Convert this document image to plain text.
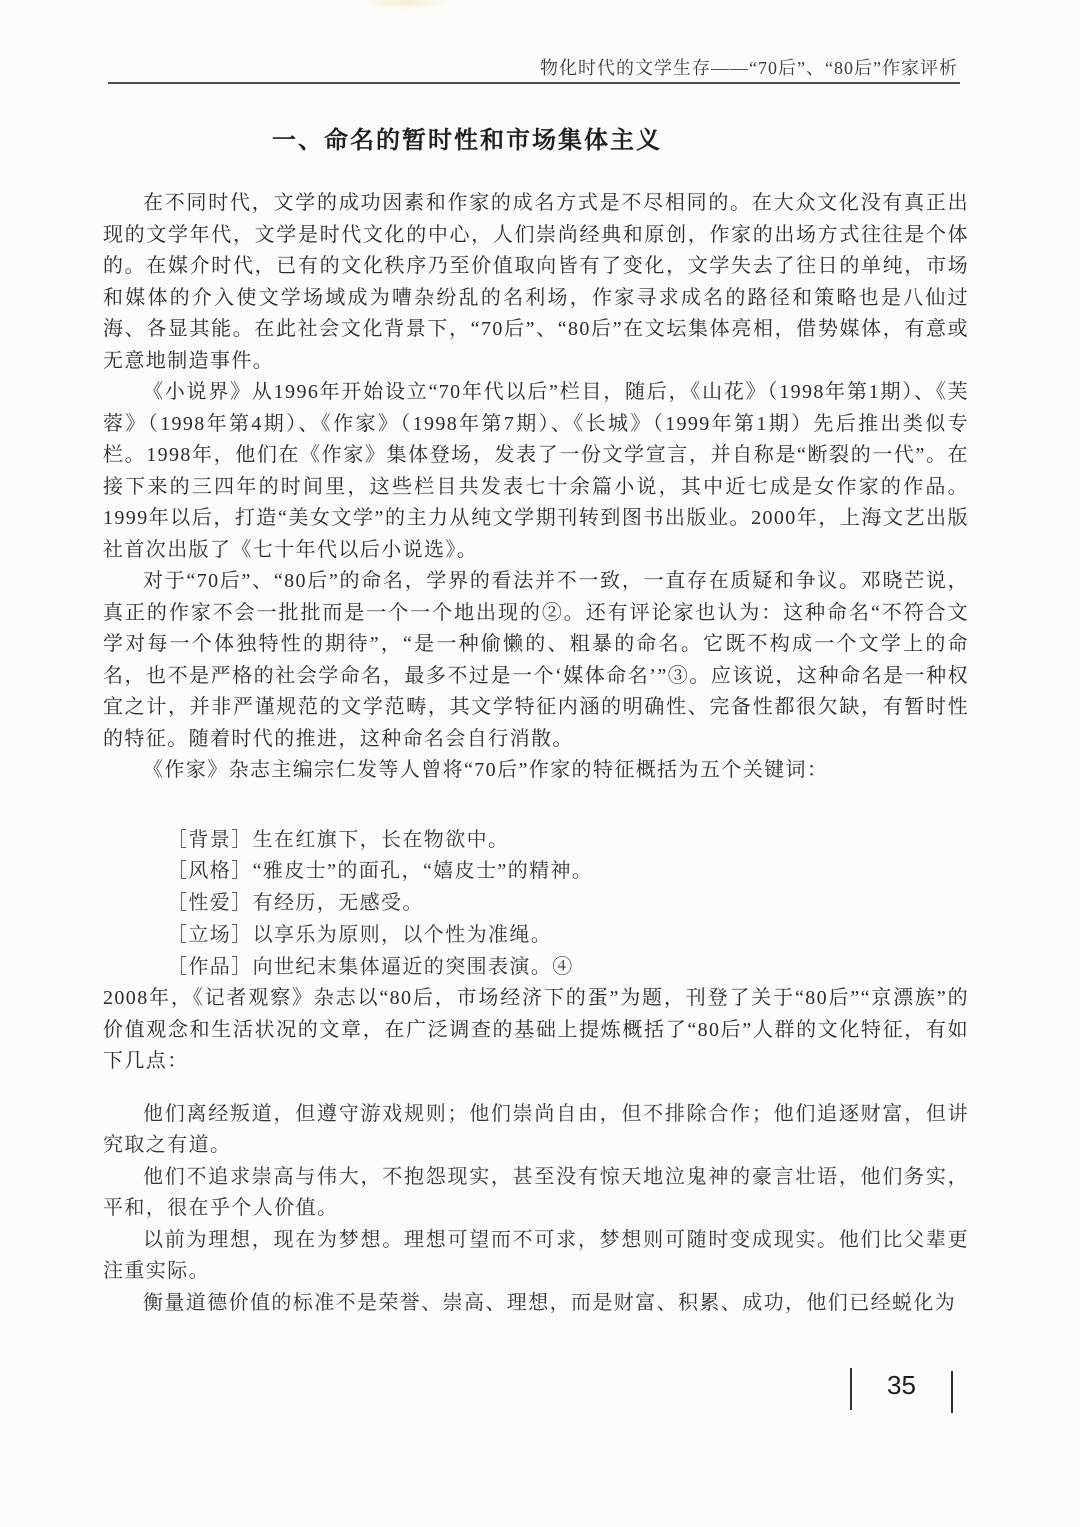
物化时代的文学生存——“70后”、“80后”作家评析
一、命名的暂时性和市场集体主义

在不同时代，文学的成功因素和作家的成名方式是不尽相同的。在大众文化没有真正出现的文学年代，文学是时代文化的中心，人们崇尚经典和原创，作家的出场方式往往是个体的。在媒介时代，已有的文化秩序乃至价值取向皆有了变化，文学失去了往日的单纯，市场和媒体的介入使文学场域成为嘈杂纷乱的名利场，作家寻求成名的路径和策略也是八仙过海、各显其能。在此社会文化背景下，“70后”、“80后”在文坛集体亮相，借势媒体，有意或无意地制造事件。

《小说界》从1996年开始设立“70年代以后”栏目，随后，《山花》（1998年第1期）、《芙蓉》（1998年第4期）、《作家》（1998年第7期）、《长城》（1999年第1期）先后推出类似专栏。1998年，他们在《作家》集体登场，发表了一份文学宣言，并自称是“断裂的一代”。在接下来的三四年的时间里，这些栏目共发表七十余篇小说，其中近七成是女作家的作品。1999年以后，打造“美女文学”的主力从纯文学期刊转到图书出版业。2000年，上海文艺出版社首次出版了《七十年代以后小说选》。

对于“70后”、“80后”的命名，学界的看法并不一致，一直存在质疑和争议。邓晓芒说，真正的作家不会一批批而是一个一个地出现的②。还有评论家也认为：这种命名“不符合文学对每一个体独特性的期待”，“是一种偷懒的、粗暴的命名。它既不构成一个文学上的命名，也不是严格的社会学命名，最多不过是一个‘媒体命名’”③。应该说，这种命名是一种权宜之计，并非严谨规范的文学范畴，其文学特征内涵的明确性、完备性都很欠缺，有暂时性的特征。随着时代的推进，这种命名会自行消散。

《作家》杂志主编宗仁发等人曾将“70后”作家的特征概括为五个关键词：

［背景］生在红旗下，长在物欲中。
［风格］“雅皮士”的面孔，“嬉皮士”的精神。
［性爱］有经历，无感受。
［立场］以享乐为原则，以个性为准绳。
［作品］向世纪末集体逼近的突围表演。④

2008年，《记者观察》杂志以“80后，市场经济下的蛋”为题，刊登了关于“80后”“京漂族”的价值观念和生活状况的文章，在广泛调查的基础上提炼概括了“80后”人群的文化特征，有如下几点：

他们离经叛道，但遵守游戏规则；他们崇尚自由，但不排除合作；他们追逐财富，但讲究取之有道。

他们不追求崇高与伟大，不抱怨现实，甚至没有惊天地泣鬼神的豪言壮语，他们务实，平和，很在乎个人价值。

以前为理想，现在为梦想。理想可望而不可求，梦想则可随时变成现实。他们比父辈更注重实际。

衡量道德价值的标准不是荣誉、崇高、理想，而是财富、积累、成功，他们已经蜕化为

35
